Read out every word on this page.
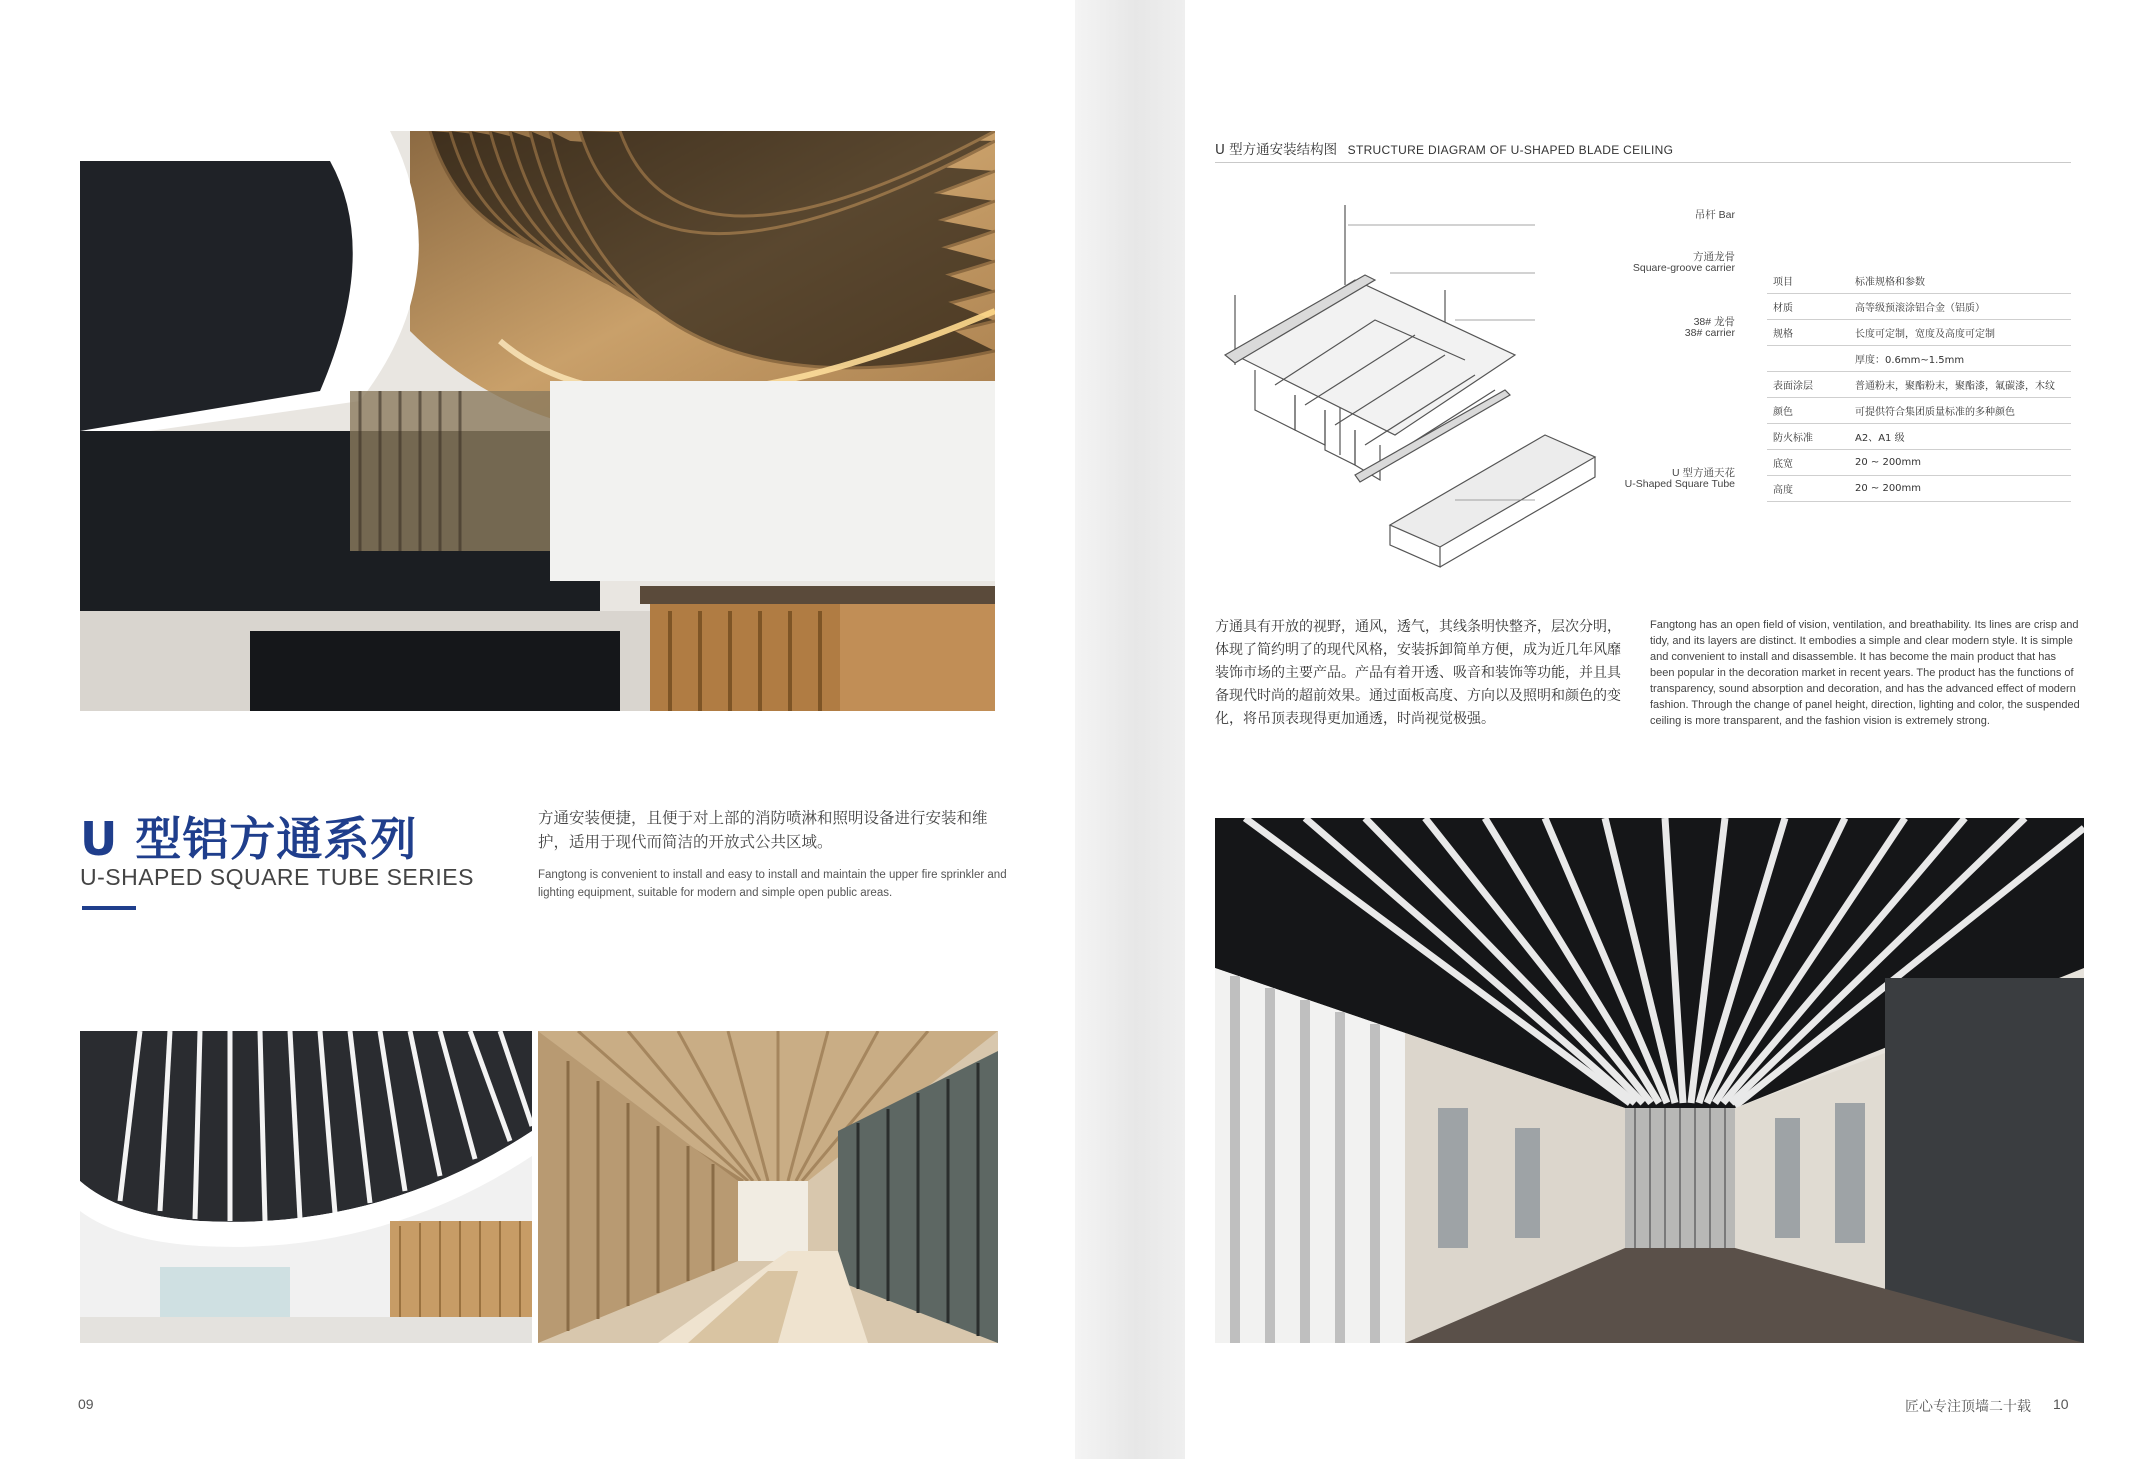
U 型铝方通系列
U-SHAPED SQUARE TUBE SERIES
方通安装便捷，且便于对上部的消防喷淋和照明设备进行安装和维护，适用于现代而简洁的开放式公共区域。
Fangtong is convenient to install and easy to install and maintain the upper fire sprinkler and lighting equipment, suitable for modern and simple open public areas.
09
U 型方通安装结构图 STRUCTURE DIAGRAM OF U-SHAPED BLADE CEILING
吊杆 Bar
方通龙骨
Square-groove carrier
38# 龙骨
38# carrier
U 型方通天花
U-Shaped Square Tube
项目	标准规格和参数
材质	高等级预滚涂铝合金（铝质）
规格	长度可定制，宽度及高度可定制
	厚度：0.6mm~1.5mm
表面涂层	普通粉末，聚酯粉末，聚酯漆，氟碳漆，木纹
颜色	可提供符合集团质量标准的多种颜色
防火标准	A2、A1 级
底宽	20 ~ 200mm
高度	20 ~ 200mm
方通具有开放的视野，通风，透气，其线条明快整齐，层次分明，体现了简约明了的现代风格，安装拆卸简单方便，成为近几年风靡装饰市场的主要产品。产品有着开透、吸音和装饰等功能，并且具备现代时尚的超前效果。通过面板高度、方向以及照明和颜色的变化，将吊顶表现得更加通透，时尚视觉极强。
Fangtong has an open field of vision, ventilation, and breathability. Its lines are crisp and tidy, and its layers are distinct. It embodies a simple and clear modern style. It is simple and convenient to install and disassemble. It has become the main product that has been popular in the decoration market in recent years. The product has the functions of transparency, sound absorption and decoration, and has the advanced effect of modern fashion. Through the change of panel height, direction, lighting and color, the suspended ceiling is more transparent, and the fashion vision is extremely strong.
匠心专注顶墙二十载 10
